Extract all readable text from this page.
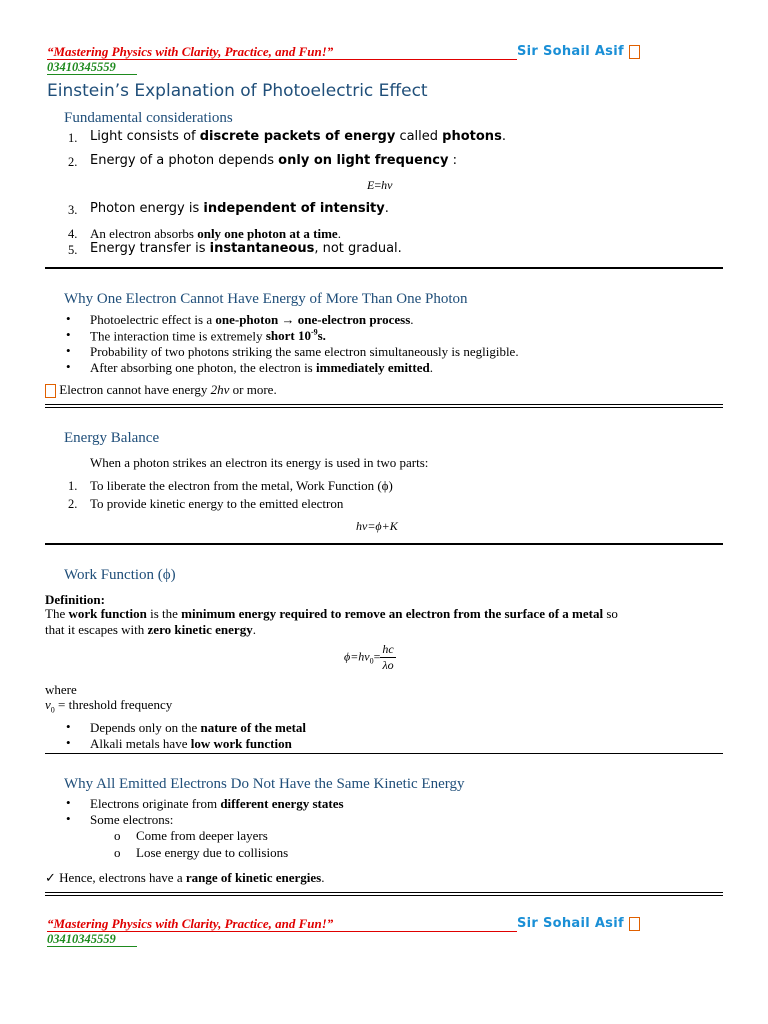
“Mastering Physics with Clarity, Practice, and Fun!”	Sir Sohail Asif
03410345559
Einstein’s Explanation of Photoelectric Effect
Fundamental considerations
1. Light consists of discrete packets of energy called photons.
2. Energy of a photon depends only on light frequency :
E=hν
3. Photon energy is independent of intensity.
4. An electron absorbs only one photon at a time.
5. Energy transfer is instantaneous, not gradual.
Why One Electron Cannot Have Energy of More Than One Photon
• Photoelectric effect is a one-photon → one-electron process.
• The interaction time is extremely short $10^{-9}s$.
• Probability of two photons striking the same electron simultaneously is negligible.
• After absorbing one photon, the electron is immediately emitted.
Electron cannot have energy 2hν or more.
Energy Balance
When a photon strikes an electron its energy is used in two parts:
1. To liberate the electron from the metal, Work Function (ϕ)
2. To provide kinetic energy to the emitted electron
hν=ϕ+K
Work Function (ϕ)
Definition:
The work function is the minimum energy required to remove an electron from the surface of a metal so
that it escapes with zero kinetic energy.
$\phi=h\nu_0= \frac{hc}{\lambda o}$
where
$\nu_0$ = threshold frequency
• Depends only on the nature of the metal
• Alkali metals have low work function
Why All Emitted Electrons Do Not Have the Same Kinetic Energy
• Electrons originate from different energy states
• Some electrons:
o Come from deeper layers
o Lose energy due to collisions
✓ Hence, electrons have a range of kinetic energies.
“Mastering Physics with Clarity, Practice, and Fun!”	Sir Sohail Asif
03410345559
